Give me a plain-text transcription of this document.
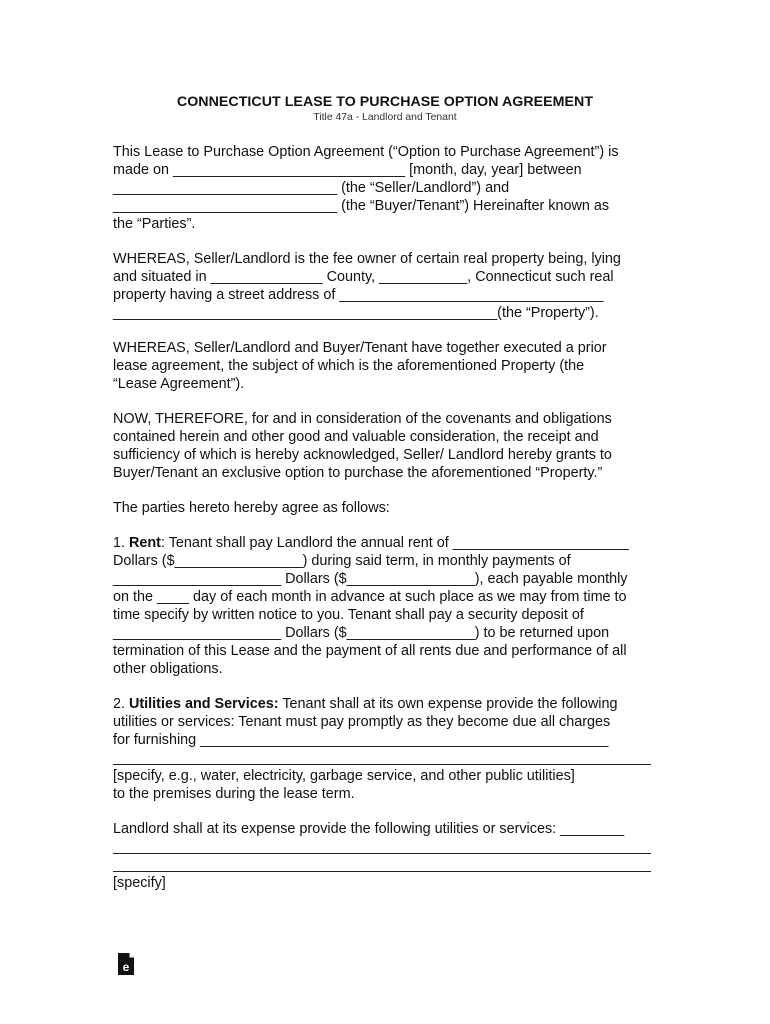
CONNECTICUT LEASE TO PURCHASE OPTION AGREEMENT
Title 47a - Landlord and Tenant
This Lease to Purchase Option Agreement (“Option to Purchase Agreement”) is
made on _____________________________ [month, day, year] between
____________________________ (the “Seller/Landlord”) and
____________________________ (the “Buyer/Tenant”) Hereinafter known as
the “Parties”.
WHEREAS, Seller/Landlord is the fee owner of certain real property being, lying
and situated in ______________ County, ___________, Connecticut such real
property having a street address of _________________________________
________________________________________________(the “Property”).
WHEREAS, Seller/Landlord and Buyer/Tenant have together executed a prior
lease agreement, the subject of which is the aforementioned Property (the
“Lease Agreement”).
NOW, THEREFORE, for and in consideration of the covenants and obligations
contained herein and other good and valuable consideration, the receipt and
sufficiency of which is hereby acknowledged, Seller/ Landlord hereby grants to
Buyer/Tenant an exclusive option to purchase the aforementioned “Property.”
The parties hereto hereby agree as follows:
1. Rent: Tenant shall pay Landlord the annual rent of ______________________
Dollars ($________________) during said term, in monthly payments of
_____________________ Dollars ($________________), each payable monthly
on the ____ day of each month in advance at such place as we may from time to
time specify by written notice to you. Tenant shall pay a security deposit of
_____________________ Dollars ($________________) to be returned upon
termination of this Lease and the payment of all rents due and performance of all
other obligations.
2. Utilities and Services: Tenant shall at its own expense provide the following
utilities or services: Tenant must pay promptly as they become due all charges
for furnishing ___________________________________________________
[specify, e.g., water, electricity, garbage service, and other public utilities]
to the premises during the lease term.
Landlord shall at its expense provide the following utilities or services: ________
[specify]
e
